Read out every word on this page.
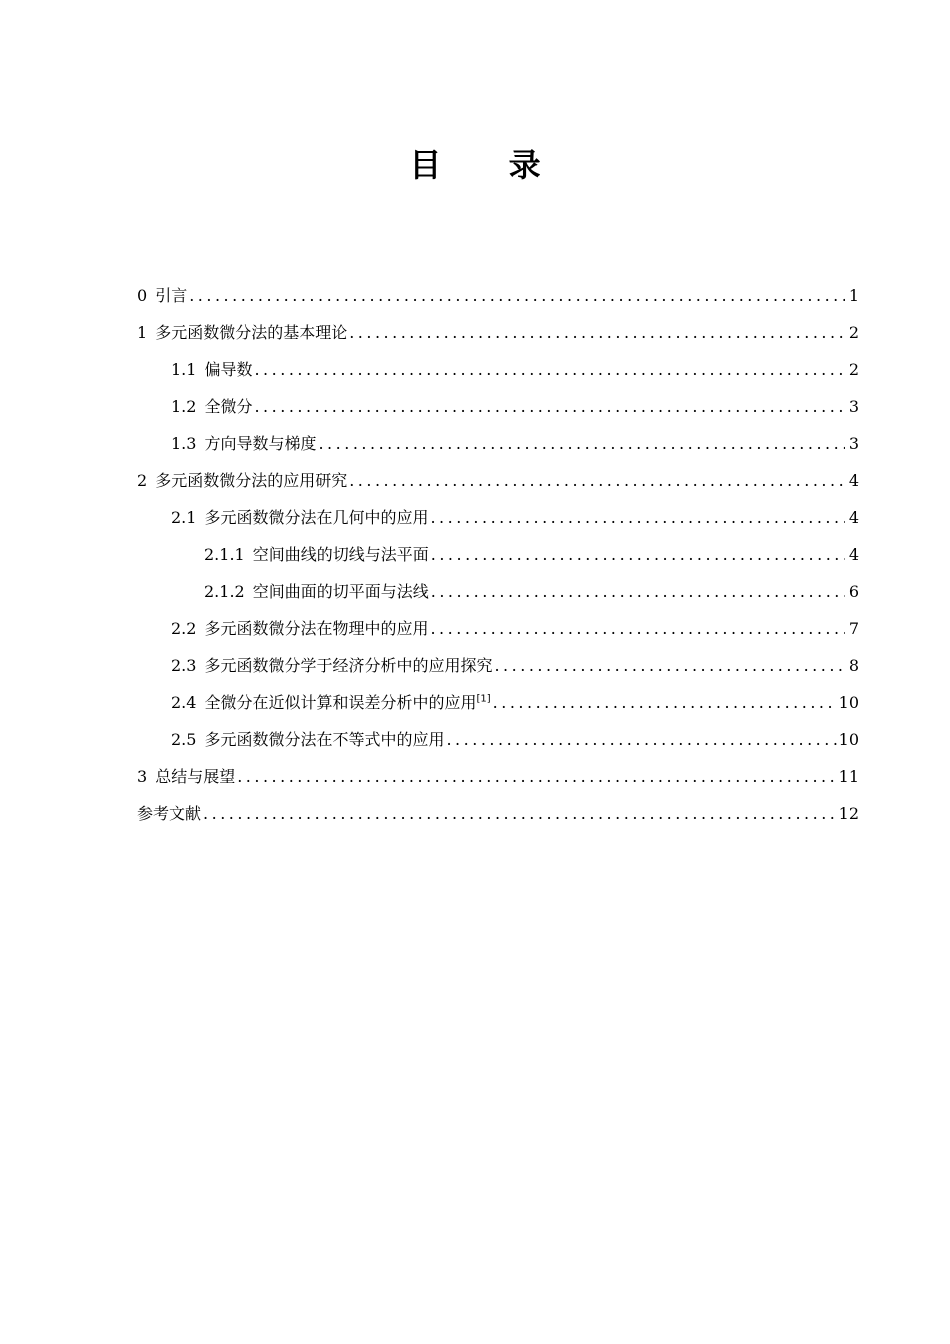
目 录
0 引言 .....	1
1 多元函数微分法的基本理论 .....	2
1.1 偏导数 .....	2
1.2 全微分 .....	3
1.3 方向导数与梯度 .....	3
2 多元函数微分法的应用研究 .....	4
2.1 多元函数微分法在几何中的应用 .....	4
2.1.1 空间曲线的切线与法平面 .....	4
2.1.2 空间曲面的切平面与法线 .....	6
2.2 多元函数微分法在物理中的应用 .....	7
2.3 多元函数微分学于经济分析中的应用探究 .....	8
2.4 全微分在近似计算和误差分析中的应用[1] .....	10
2.5 多元函数微分法在不等式中的应用 .....	10
3 总结与展望 .....	11
参考文献 .....	12
